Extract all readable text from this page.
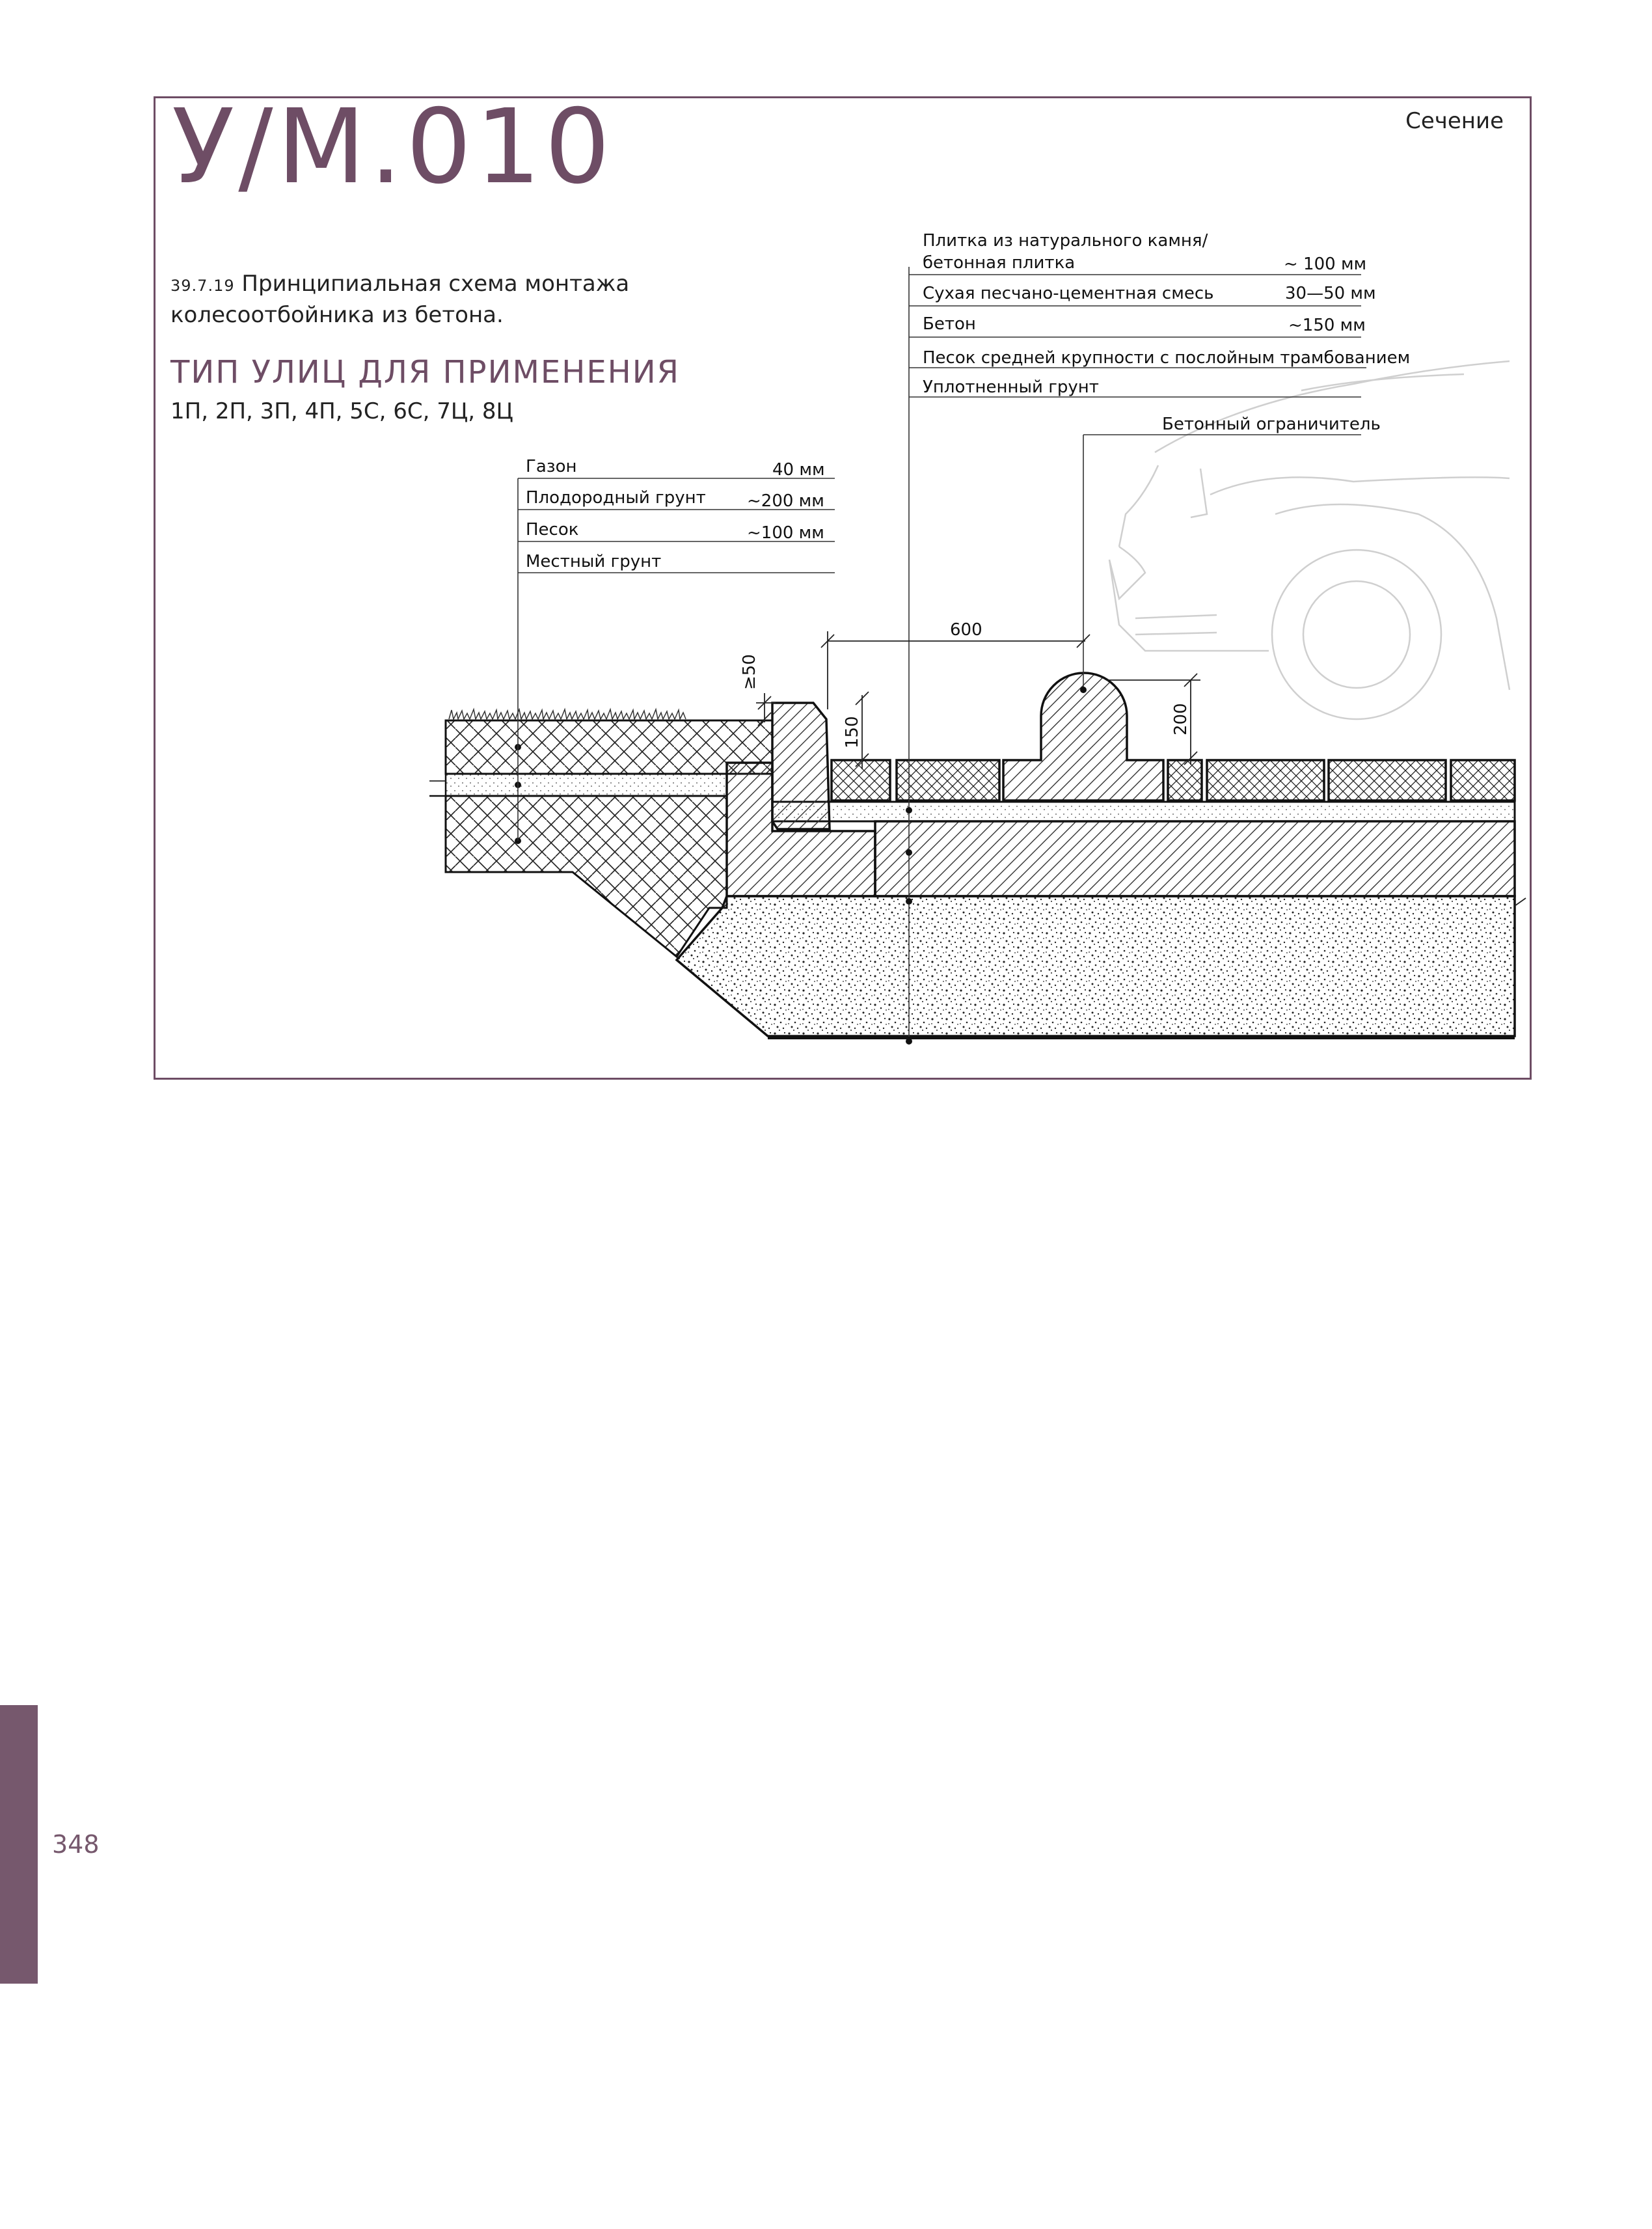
У/М.010	Сечение
39.7.19 Принципиальная схема монтажа
колесоотбойника из бетона.
ТИП УЛИЦ ДЛЯ ПРИМЕНЕНИЯ
1П, 2П, 3П, 4П, 5С, 6С, 7Ц, 8Ц
600
≥50
150	200
Плитка из натурального камня/
бетонная плитка	~ 100 мм
Сухая песчано-цементная смесь	30—50 мм
Бетон	~150 мм
Песок средней крупности с послойным трамбованием
Уплотненный грунт
Бетонный ограничитель
Газон	40 мм
Плодородный грунт ~200 мм
Песок	~100 мм
Местный грунт
348
